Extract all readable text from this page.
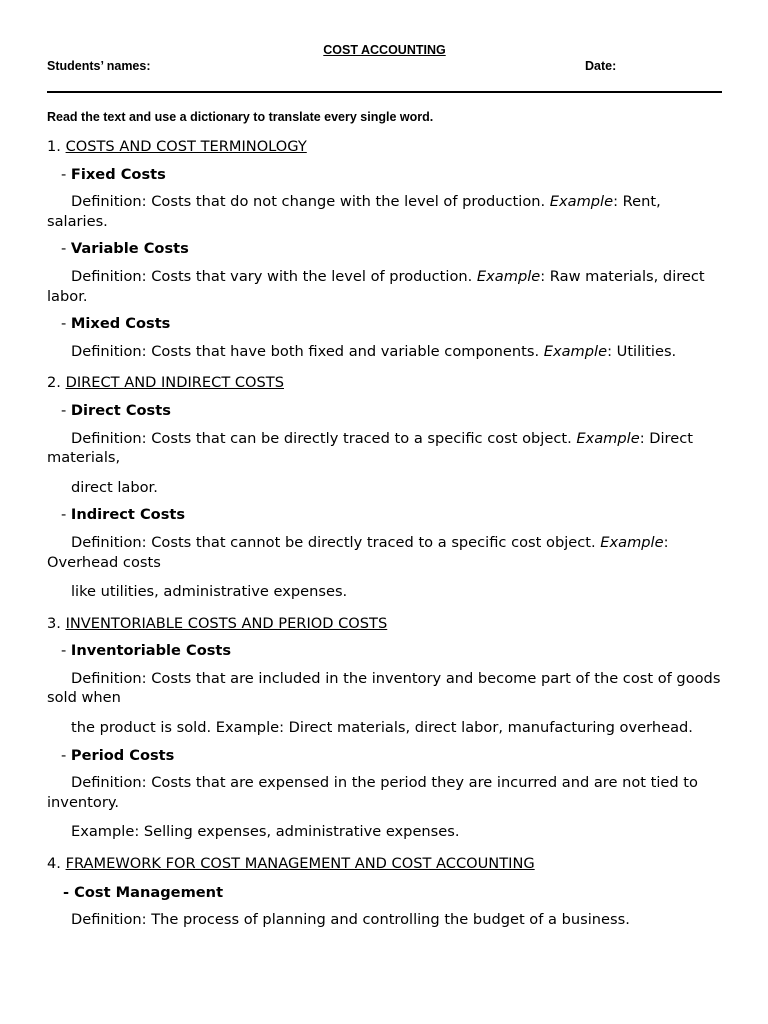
COST ACCOUNTING
Students’ names:	Date:
Read the text and use a dictionary to translate every single word.

1. COSTS AND COST TERMINOLOGY

- Fixed Costs

Definition: Costs that do not change with the level of production. Example: Rent, salaries.

- Variable Costs

Definition: Costs that vary with the level of production. Example: Raw materials, direct labor.

- Mixed Costs

Definition: Costs that have both fixed and variable components. Example: Utilities.

2. DIRECT AND INDIRECT COSTS

- Direct Costs

Definition: Costs that can be directly traced to a specific cost object. Example: Direct materials,

direct labor.

- Indirect Costs

Definition: Costs that cannot be directly traced to a specific cost object. Example: Overhead costs

like utilities, administrative expenses.

3. INVENTORIABLE COSTS AND PERIOD COSTS

- Inventoriable Costs

Definition: Costs that are included in the inventory and become part of the cost of goods sold when

the product is sold. Example: Direct materials, direct labor, manufacturing overhead.

- Period Costs

Definition: Costs that are expensed in the period they are incurred and are not tied to inventory.

Example: Selling expenses, administrative expenses.

4. FRAMEWORK FOR COST MANAGEMENT AND COST ACCOUNTING

- Cost Management

Definition: The process of planning and controlling the budget of a business.
